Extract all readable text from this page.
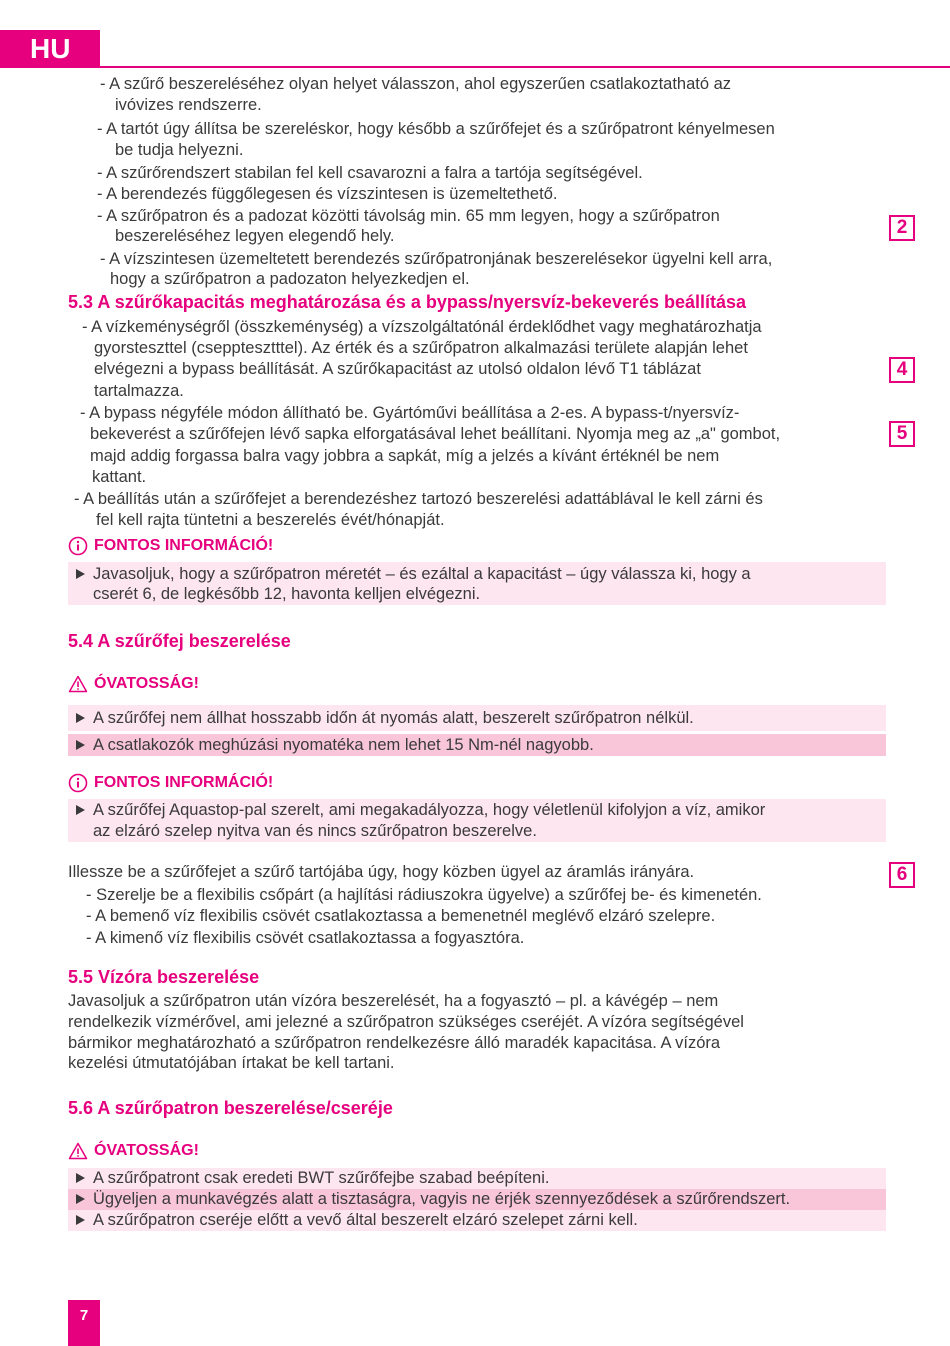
HU
- A szűrő beszereléséhez olyan helyet válasszon, ahol egyszerűen csatlakoztatható az
ivóvizes rendszerre.
- A tartót úgy állítsa be szereléskor, hogy később a szűrőfejet és a szűrőpatront kényelmesen
be tudja helyezni.
- A szűrőrendszert stabilan fel kell csavarozni a falra a tartója segítségével.
- A berendezés függőlegesen és vízszintesen is üzemeltethető.
- A szűrőpatron és a padozat közötti távolság min. 65 mm legyen, hogy a szűrőpatron
beszereléséhez legyen elegendő hely.
- A vízszintesen üzemeltetett berendezés szűrőpatronjának beszerelésekor ügyelni kell arra,
hogy a szűrőpatron a padozaton helyezkedjen el.
5.3 A szűrőkapacitás meghatározása és a bypass/nyersvíz-bekeverés beállítása
- A vízkeménységről (összkeménység) a vízszolgáltatónál érdeklődhet vagy meghatározhatja
gyorsteszttel (csepptesztttel). Az érték és a szűrőpatron alkalmazási területe alapján lehet
elvégezni a bypass beállítását. A szűrőkapacitást az utolsó oldalon lévő T1 táblázat
tartalmazza.
- A bypass négyféle módon állítható be. Gyártóművi beállítása a 2-es. A bypass-t/nyersvíz-
bekeverést a szűrőfejen lévő sapka elforgatásával lehet beállítani. Nyomja meg az „a" gombot,
majd addig forgassa balra vagy jobbra a sapkát, míg a jelzés a kívánt értéknél be nem
kattant.
- A beállítás után a szűrőfejet a berendezéshez tartozó beszerelési adattáblával le kell zárni és
fel kell rajta tüntetni a beszerelés évét/hónapját.
FONTOS INFORMÁCIÓ!
Javasoljuk, hogy a szűrőpatron méretét – és ezáltal a kapacitást – úgy válassza ki, hogy a
cserét 6, de legkésőbb 12, havonta kelljen elvégezni.
5.4 A szűrőfej beszerelése
ÓVATOSSÁG!
A szűrőfej nem állhat hosszabb időn át nyomás alatt, beszerelt szűrőpatron nélkül.
A csatlakozók meghúzási nyomatéka nem lehet 15 Nm-nél nagyobb.
FONTOS INFORMÁCIÓ!
A szűrőfej Aquastop-pal szerelt, ami megakadályozza, hogy véletlenül kifolyjon a víz, amikor
az elzáró szelep nyitva van és nincs szűrőpatron beszerelve.
Illessze be a szűrőfejet a szűrő tartójába úgy, hogy közben ügyel az áramlás irányára.
- Szerelje be a flexibilis csőpárt (a hajlítási rádiuszokra ügyelve) a szűrőfej be- és kimenetén.
- A bemenő víz flexibilis csövét csatlakoztassa a bemenetnél meglévő elzáró szelepre.
- A kimenő víz flexibilis csövét csatlakoztassa a fogyasztóra.
5.5 Vízóra beszerelése
Javasoljuk a szűrőpatron után vízóra beszerelését, ha a fogyasztó – pl. a kávégép – nem
rendelkezik vízmérővel, ami jelezné a szűrőpatron szükséges cseréjét. A vízóra segítségével
bármikor meghatározható a szűrőpatron rendelkezésre álló maradék kapacitása. A vízóra
kezelési útmutatójában írtakat be kell tartani.
5.6 A szűrőpatron beszerelése/cseréje
ÓVATOSSÁG!
A szűrőpatront csak eredeti BWT szűrőfejbe szabad beépíteni.
Ügyeljen a munkavégzés alatt a tisztaságra, vagyis ne érjék szennyeződések a szűrőrendszert.
A szűrőpatron cseréje előtt a vevő által beszerelt elzáró szelepet zárni kell.
2
4
5
6
7
